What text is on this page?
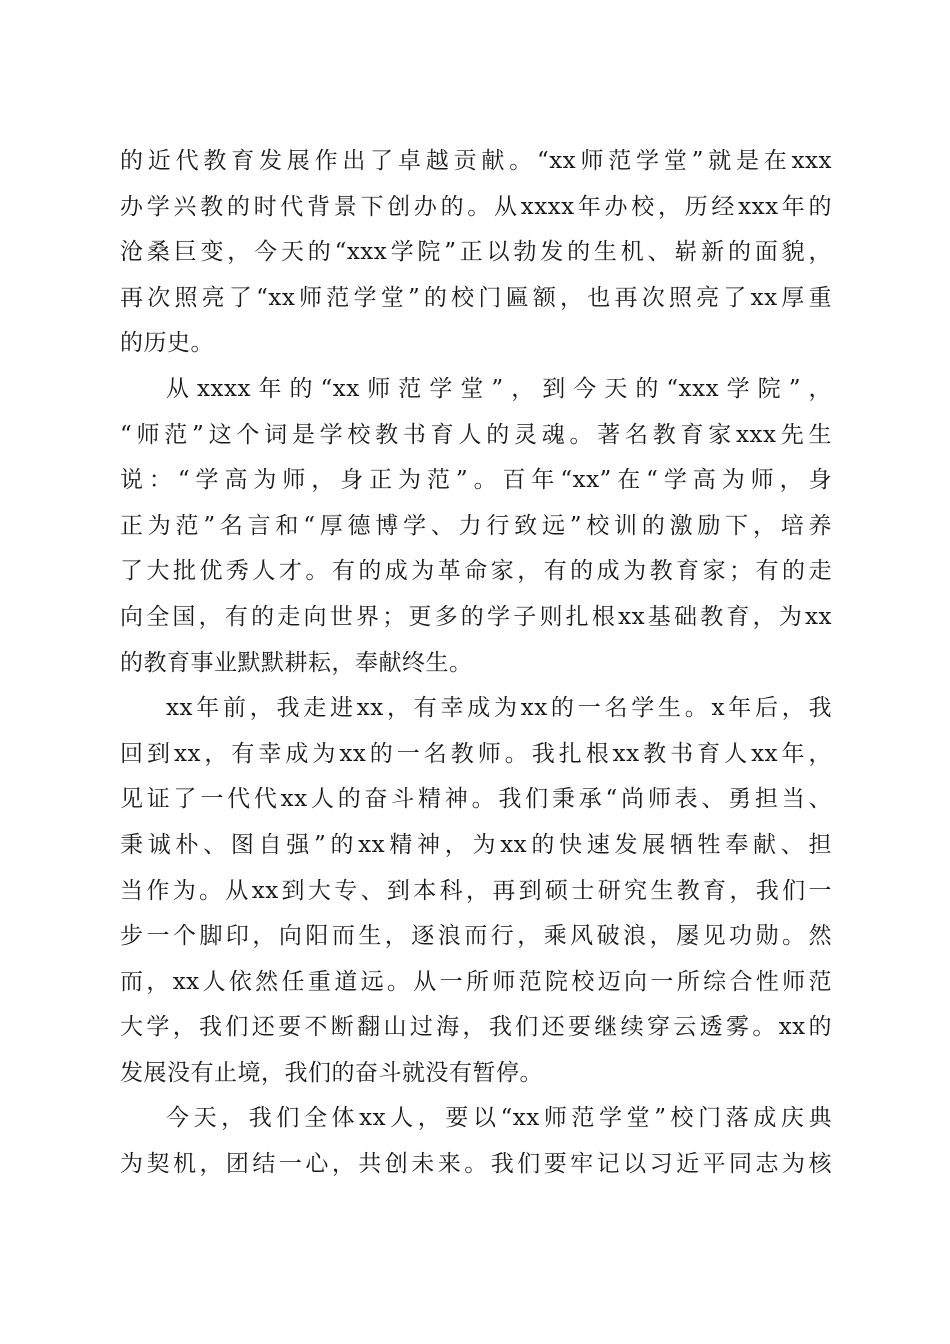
的近代教育发展作出了卓越贡献。“xx师范学堂”就是在xxx
办学兴教的时代背景下创办的。从xxxx年办校，历经xxx年的
沧桑巨变，今天的“xxx学院”正以勃发的生机、崭新的面貌，
再次照亮了“xx师范学堂”的校门匾额，也再次照亮了xx厚重
的历史。
从xxxx年的“xx师范学堂”，到今天的“xxx学院”，
“师范”这个词是学校教书育人的灵魂。著名教育家xxx先生
说：“学高为师，身正为范”。百年“xx”在“学高为师，身
正为范”名言和“厚德博学、力行致远”校训的激励下，培养
了大批优秀人才。有的成为革命家，有的成为教育家；有的走
向全国，有的走向世界；更多的学子则扎根xx基础教育，为xx
的教育事业默默耕耘，奉献终生。
xx年前，我走进xx，有幸成为xx的一名学生。x年后，我
回到xx，有幸成为xx的一名教师。我扎根xx教书育人xx年，
见证了一代代xx人的奋斗精神。我们秉承“尚师表、勇担当、
秉诚朴、图自强”的xx精神，为xx的快速发展牺牲奉献、担
当作为。从xx到大专、到本科，再到硕士研究生教育，我们一
步一个脚印，向阳而生，逐浪而行，乘风破浪，屡见功勋。然
而，xx人依然任重道远。从一所师范院校迈向一所综合性师范
大学，我们还要不断翻山过海，我们还要继续穿云透雾。xx的
发展没有止境，我们的奋斗就没有暂停。
今天，我们全体xx人，要以“xx师范学堂”校门落成庆典
为契机，团结一心，共创未来。我们要牢记以习近平同志为核
